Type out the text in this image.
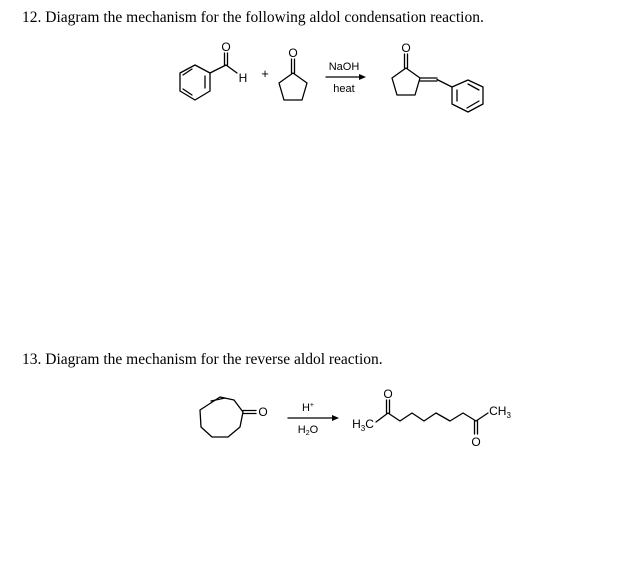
12. Diagram the mechanism for the following aldol condensation reaction.
O
H +
O
NaOH
heat
O
13. Diagram the mechanism for the reverse aldol reaction.
O	H+
H2O	$H_3C$
O
O
$CH_3$
